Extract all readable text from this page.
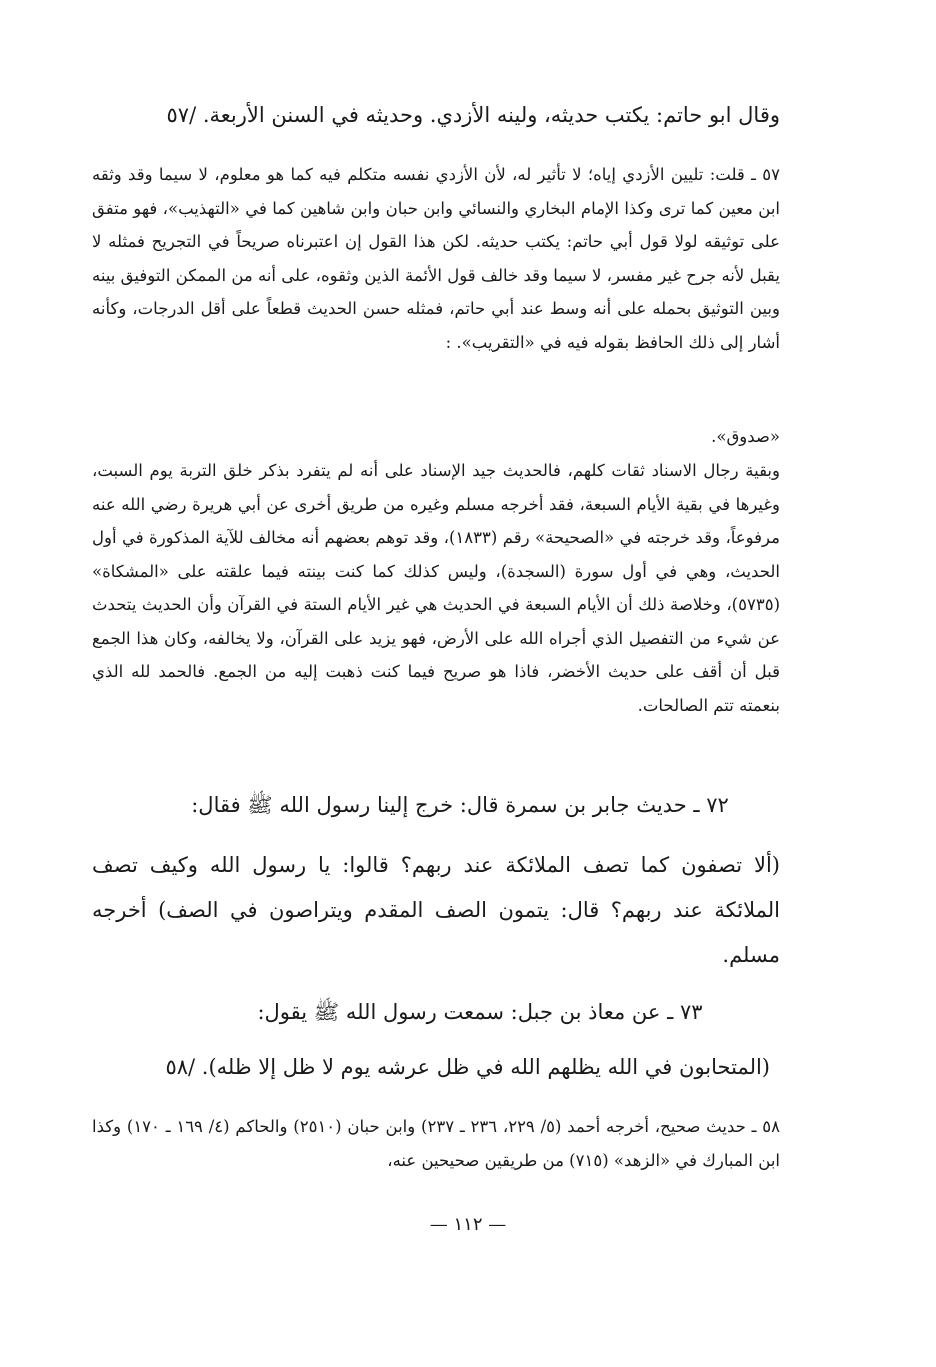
وقال ابو حاتم: يكتب حديثه، ولينه الأزدي. وحديثه في السنن الأربعة. /٥٧

٥٧ ـ قلت: تليين الأزدي إياه؛ لا تأثير له، لأن الأزدي نفسه متكلم فيه كما هو معلوم، لا سيما وقد وثقه ابن معين كما ترى وكذا الإمام البخاري والنسائي وابن حبان وابن شاهين كما في «التهذيب»، فهو متفق على توثيقه لولا قول أبي حاتم: يكتب حديثه. لكن هذا القول إن اعتبرناه صريحاً في التجريح فمثله لا يقبل لأنه جرح غير مفسر، لا سيما وقد خالف قول الأئمة الذين وثقوه، على أنه من الممكن التوفيق بينه وبين التوثيق بحمله على أنه وسط عند أبي حاتم، فمثله حسن الحديث قطعاً على أقل الدرجات، وكأنه أشار إلى ذلك الحافظ بقوله فيه في «التقريب». :

«صدوق».

وبقية رجال الاسناد ثقات كلهم، فالحديث جيد الإسناد على أنه لم يتفرد بذكر خلق التربة يوم السبت، وغيرها في بقية الأيام السبعة، فقد أخرجه مسلم وغيره من طريق أخرى عن أبي هريرة رضي الله عنه مرفوعاً، وقد خرجته في «الصحيحة» رقم (١٨٣٣)، وقد توهم بعضهم أنه مخالف للآية المذكورة في أول الحديث، وهي في أول سورة (السجدة)، وليس كذلك كما كنت بينته فيما علقته على «المشكاة» (٥٧٣٥)، وخلاصة ذلك أن الأيام السبعة في الحديث هي غير الأيام الستة في القرآن وأن الحديث يتحدث عن شيء من التفصيل الذي أجراه الله على الأرض، فهو يزيد على القرآن، ولا يخالفه، وكان هذا الجمع قبل أن أقف على حديث الأخضر، فاذا هو صريح فيما كنت ذهبت إليه من الجمع. فالحمد لله الذي بنعمته تتم الصالحات.

٧٢ ـ حديث جابر بن سمرة قال: خرج إلينا رسول الله ﷺ فقال:

(ألا تصفون كما تصف الملائكة عند ربهم؟ قالوا: يا رسول الله وكيف تصف الملائكة عند ربهم؟ قال: يتمون الصف المقدم ويتراصون في الصف) أخرجه مسلم.

٧٣ ـ عن معاذ بن جبل: سمعت رسول الله ﷺ يقول:

(المتحابون في الله يظلهم الله في ظل عرشه يوم لا ظل إلا ظله). /٥٨

٥٨ ـ حديث صحيح، أخرجه أحمد (٥/ ٢٢٩، ٢٣٦ ـ ٢٣٧) وابن حبان (٢٥١٠) والحاكم (٤/ ١٦٩ ـ ١٧٠) وكذا ابن المبارك في «الزهد» (٧١٥) من طريقين صحيحين عنه،

— ١١٢ —
